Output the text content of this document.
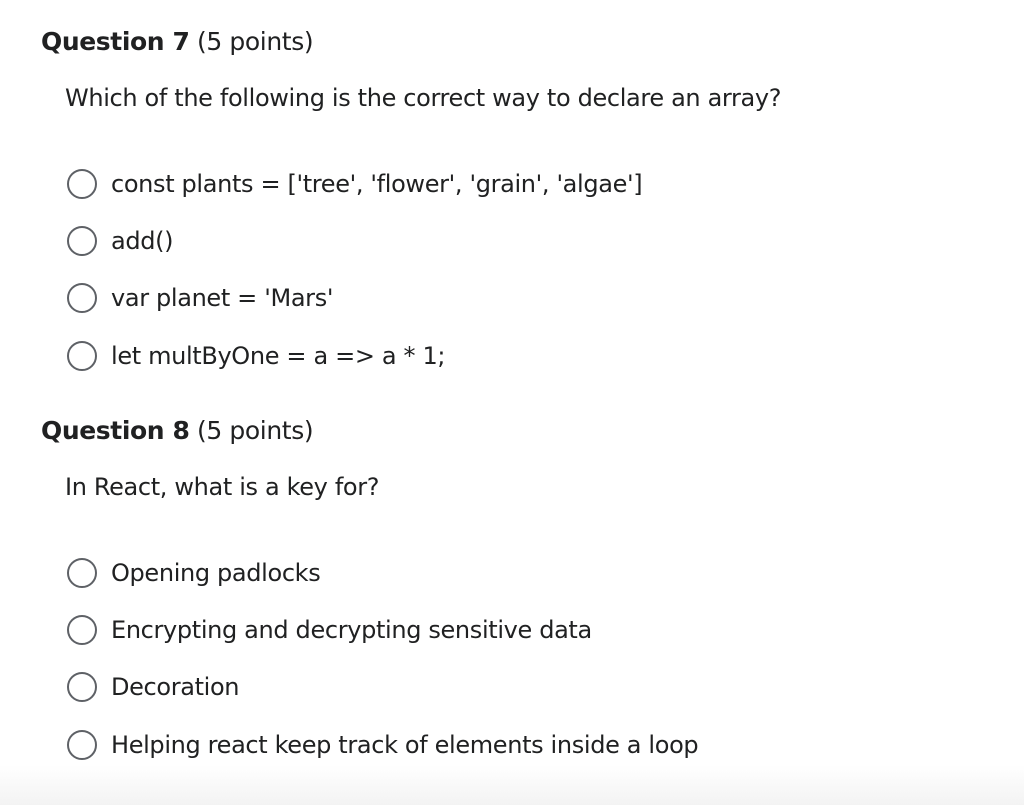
Question 7 (5 points)
Which of the following is the correct way to declare an array?
const plants = ['tree', 'flower', 'grain', 'algae']
add()
var planet = 'Mars'
let multByOne = a => a * 1;
Question 8 (5 points)
In React, what is a key for?
Opening padlocks
Encrypting and decrypting sensitive data
Decoration
Helping react keep track of elements inside a loop
